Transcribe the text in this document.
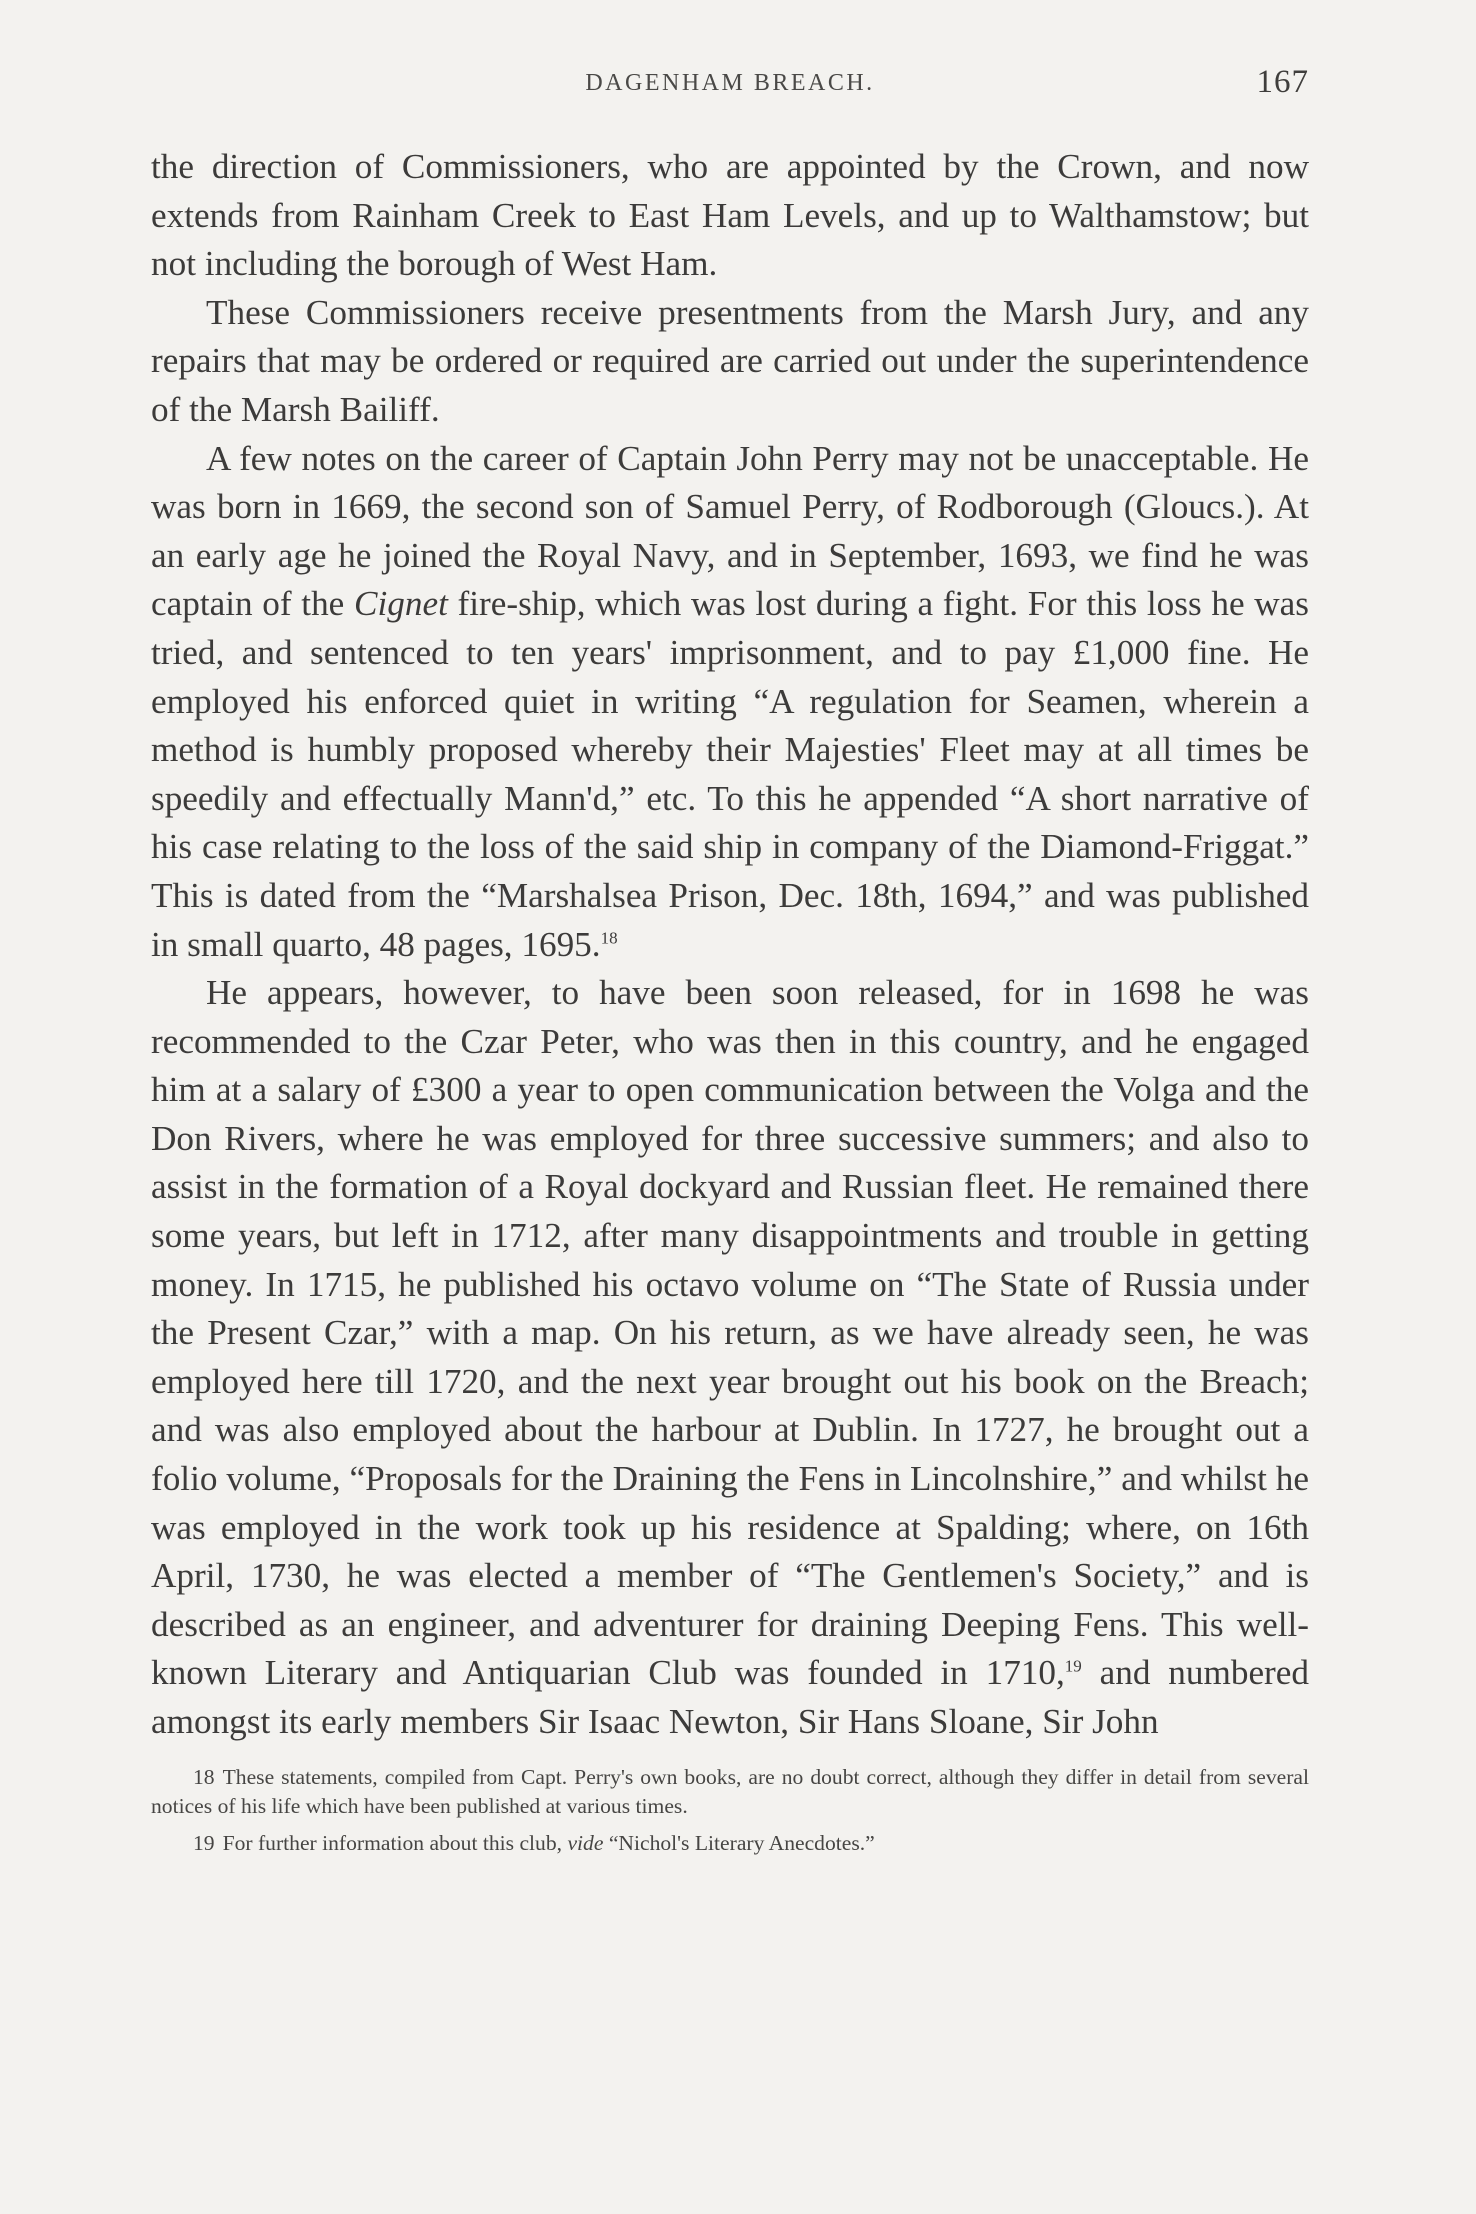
DAGENHAM BREACH.	167

the direction of Commissioners, who are appointed by the Crown, and now extends from Rainham Creek to East Ham Levels, and up to Walthamstow; but not including the borough of West Ham.

These Commissioners receive presentments from the Marsh Jury, and any repairs that may be ordered or required are carried out under the superintendence of the Marsh Bailiff.

A few notes on the career of Captain John Perry may not be unacceptable. He was born in 1669, the second son of Samuel Perry, of Rodborough (Gloucs.). At an early age he joined the Royal Navy, and in September, 1693, we find he was captain of the Cignet fire-ship, which was lost during a fight. For this loss he was tried, and sentenced to ten years' imprisonment, and to pay £1,000 fine. He employed his enforced quiet in writing “A regulation for Seamen, wherein a method is humbly proposed whereby their Majesties' Fleet may at all times be speedily and effectually Mann'd,” etc. To this he appended “A short narrative of his case relating to the loss of the said ship in company of the Diamond-Friggat.” This is dated from the “Marshalsea Prison, Dec. 18th, 1694,” and was published in small quarto, 48 pages, 1695.18

He appears, however, to have been soon released, for in 1698 he was recommended to the Czar Peter, who was then in this country, and he engaged him at a salary of £300 a year to open communication between the Volga and the Don Rivers, where he was employed for three successive summers; and also to assist in the formation of a Royal dockyard and Russian fleet. He remained there some years, but left in 1712, after many disappointments and trouble in getting money. In 1715, he published his octavo volume on “The State of Russia under the Present Czar,” with a map. On his return, as we have already seen, he was employed here till 1720, and the next year brought out his book on the Breach; and was also employed about the harbour at Dublin. In 1727, he brought out a folio volume, “Proposals for the Draining the Fens in Lincolnshire,” and whilst he was employed in the work took up his residence at Spalding; where, on 16th April, 1730, he was elected a member of “The Gentlemen's Society,” and is described as an engineer, and adventurer for draining Deeping Fens. This well-known Literary and Antiquarian Club was founded in 1710,19 and numbered amongst its early members Sir Isaac Newton, Sir Hans Sloane, Sir John

18 These statements, compiled from Capt. Perry's own books, are no doubt correct, although they differ in detail from several notices of his life which have been published at various times.

19 For further information about this club, vide “Nichol's Literary Anecdotes.”
